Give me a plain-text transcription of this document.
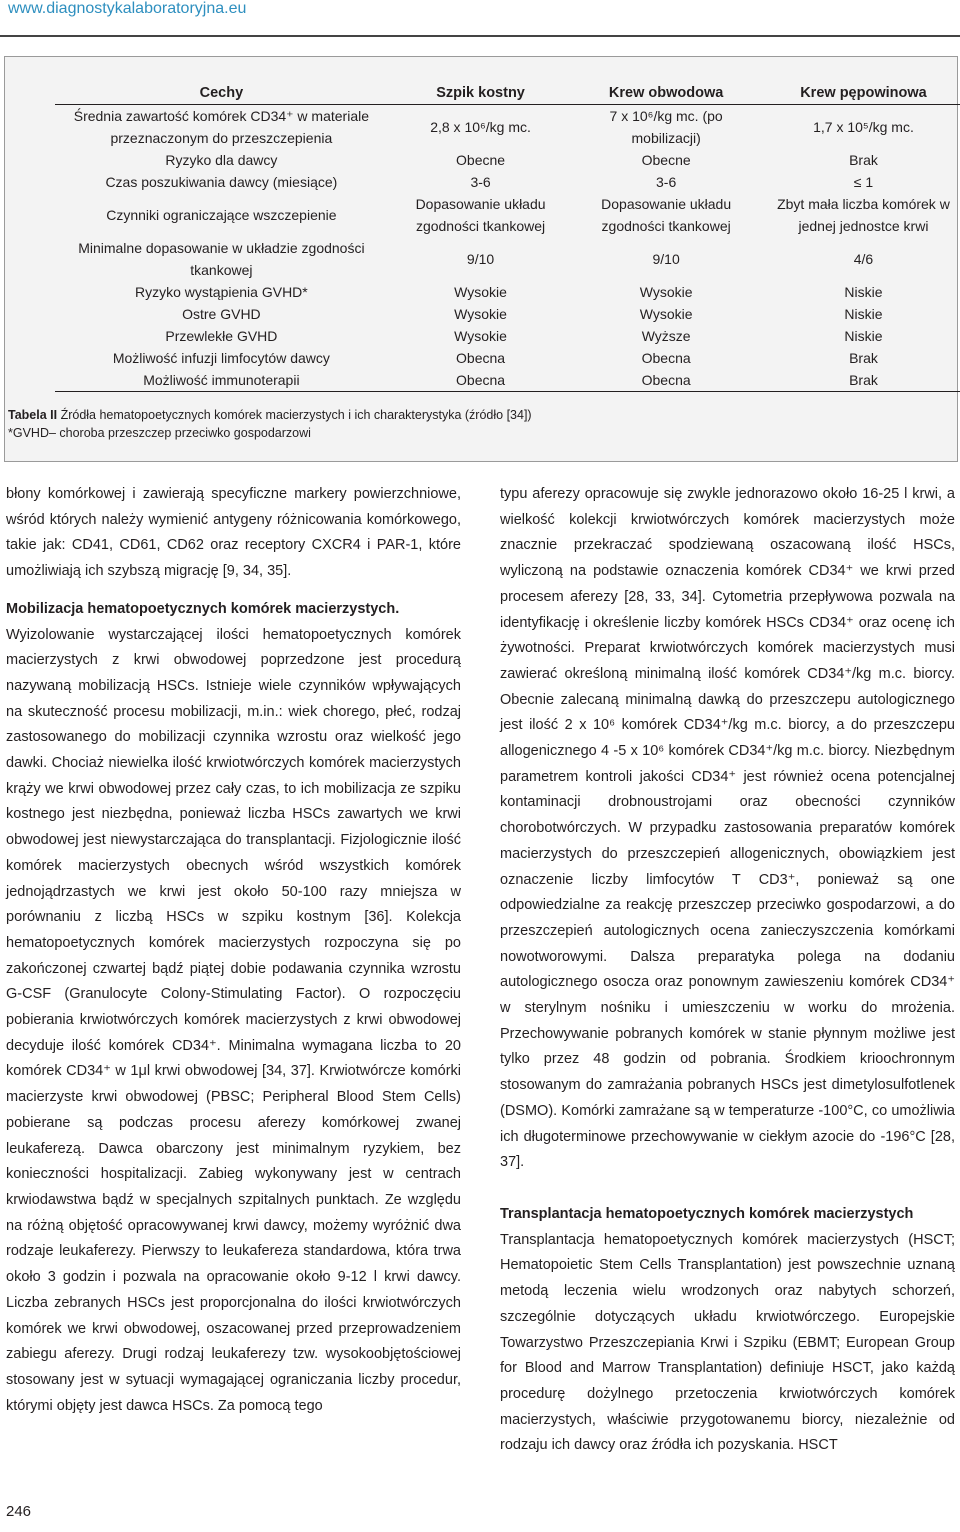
www.diagnostykalaboratoryjna.eu
Cechy	Szpik kostny	Krew obwodowa	Krew pępowinowa
Średnia zawartość komórek CD34⁺ w materiale przeznaczonym do przeszczepienia	2,8 x 10⁶/kg mc.	7 x 10⁶/kg mc. (po mobilizacji)	1,7 x 10⁵/kg mc.
Ryzyko dla dawcy	Obecne	Obecne	Brak
Czas poszukiwania dawcy (miesiące)	3-6	3-6	≤ 1
Czynniki ograniczające wszczepienie	Dopasowanie układu zgodności tkankowej	Dopasowanie układu zgodności tkankowej	Zbyt mała liczba komórek w jednej jednostce krwi
Minimalne dopasowanie w układzie zgodności tkankowej	9/10	9/10	4/6
Ryzyko wystąpienia GVHD*	Wysokie	Wysokie	Niskie
Ostre GVHD	Wysokie	Wysokie	Niskie
Przewlekłe GVHD	Wysokie	Wyższe	Niskie
Możliwość infuzji limfocytów dawcy	Obecna	Obecna	Brak
Możliwość immunoterapii	Obecna	Obecna	Brak
Tabela II Źródła hematopoetycznych komórek macierzystych i ich charakterystyka (źródło [34])
*GVHD– choroba przeszczep przeciwko gospodarzowi

błony komórkowej i zawierają specyficzne markery powierzchniowe, wśród których należy wymienić antygeny różnicowania komórkowego, takie jak: CD41, CD61, CD62 oraz receptory CXCR4 i PAR-1, które umożliwiają ich szybszą migrację [9, 34, 35].

Mobilizacja hematopoetycznych komórek macierzystych.

Wyizolowanie wystarczającej ilości hematopoetycznych komórek macierzystych z krwi obwodowej poprzedzone jest procedurą nazywaną mobilizacją HSCs. Istnieje wiele czynników wpływających na skuteczność procesu mobilizacji, m.in.: wiek chorego, płeć, rodzaj zastosowanego do mobilizacji czynnika wzrostu oraz wielkość jego dawki. Chociaż niewielka ilość krwiotwórczych komórek macierzystych krąży we krwi obwodowej przez cały czas, to ich mobilizacja ze szpiku kostnego jest niezbędna, ponieważ liczba HSCs zawartych we krwi obwodowej jest niewystarczająca do transplantacji. Fizjologicznie ilość komórek macierzystych obecnych wśród wszystkich komórek jednojądrzastych we krwi jest około 50-100 razy mniejsza w porównaniu z liczbą HSCs w szpiku kostnym [36]. Kolekcja hematopoetycznych komórek macierzystych rozpoczyna się po zakończonej czwartej bądź piątej dobie podawania czynnika wzrostu G-CSF (Granulocyte Colony-Stimulating Factor). O rozpoczęciu pobierania krwiotwórczych komórek macierzystych z krwi obwodowej decyduje ilość komórek CD34⁺. Minimalna wymagana liczba to 20 komórek CD34⁺ w 1μl krwi obwodowej [34, 37]. Krwiotwórcze komórki macierzyste krwi obwodowej (PBSC; Peripheral Blood Stem Cells) pobierane są podczas procesu aferezy komórkowej zwanej leukaferezą. Dawca obarczony jest minimalnym ryzykiem, bez konieczności hospitalizacji. Zabieg wykonywany jest w centrach krwiodawstwa bądź w specjalnych szpitalnych punktach. Ze względu na różną objętość opracowywanej krwi dawcy, możemy wyróżnić dwa rodzaje leukaferezy. Pierwszy to leukafereza standardowa, która trwa około 3 godzin i pozwala na opracowanie około 9-12 l krwi dawcy. Liczba zebranych HSCs jest proporcjonalna do ilości krwiotwórczych komórek we krwi obwodowej, oszacowanej przed przeprowadzeniem zabiegu aferezy. Drugi rodzaj leukaferezy tzw. wysokoobjętościowej stosowany jest w sytuacji wymagającej ograniczania liczby procedur, którymi objęty jest dawca HSCs. Za pomocą tego

typu aferezy opracowuje się zwykle jednorazowo około 16-25 l krwi, a wielkość kolekcji krwiotwórczych komórek macierzystych może znacznie przekraczać spodziewaną oszacowaną ilość HSCs, wyliczoną na podstawie oznaczenia komórek CD34⁺ we krwi przed procesem aferezy [28, 33, 34]. Cytometria przepływowa pozwala na identyfikację i określenie liczby komórek HSCs CD34⁺ oraz ocenę ich żywotności. Preparat krwiotwórczych komórek macierzystych musi zawierać określoną minimalną ilość komórek CD34⁺/kg m.c. biorcy. Obecnie zalecaną minimalną dawką do przeszczepu autologicznego jest ilość 2 x 10⁶ komórek CD34⁺/kg m.c. biorcy, a do przeszczepu allogenicznego 4 -5 x 10⁶ komórek CD34⁺/kg m.c. biorcy. Niezbędnym parametrem kontroli jakości CD34⁺ jest również ocena potencjalnej kontaminacji drobnoustrojami oraz obecności czynników chorobotwórczych. W przypadku zastosowania preparatów komórek macierzystych do przeszczepień allogenicznych, obowiązkiem jest oznaczenie liczby limfocytów T CD3⁺, ponieważ są one odpowiedzialne za reakcję przeszczep przeciwko gospodarzowi, a do przeszczepień autologicznych ocena zanieczyszczenia komórkami nowotworowymi. Dalsza preparatyka polega na dodaniu autologicznego osocza oraz ponownym zawieszeniu komórek CD34⁺ w sterylnym nośniku i umieszczeniu w worku do mrożenia. Przechowywanie pobranych komórek w stanie płynnym możliwe jest tylko przez 48 godzin od pobrania. Środkiem krioochronnym stosowanym do zamrażania pobranych HSCs jest dimetylosulfotlenek (DSMO). Komórki zamrażane są w temperaturze -100°C, co umożliwia ich długoterminowe przechowywanie w ciekłym azocie do -196°C [28, 37].

Transplantacja hematopoetycznych komórek macierzystych

Transplantacja hematopoetycznych komórek macierzystych (HSCT; Hematopoietic Stem Cells Transplantation) jest powszechnie uznaną metodą leczenia wielu wrodzonych oraz nabytych schorzeń, szczególnie dotyczących układu krwiotwórczego. Europejskie Towarzystwo Przeszczepiania Krwi i Szpiku (EBMT; European Group for Blood and Marrow Transplantation) definiuje HSCT, jako każdą procedurę dożylnego przetoczenia krwiotwórczych komórek macierzystych, właściwie przygotowanemu biorcy, niezależnie od rodzaju ich dawcy oraz źródła ich pozyskania. HSCT

246
